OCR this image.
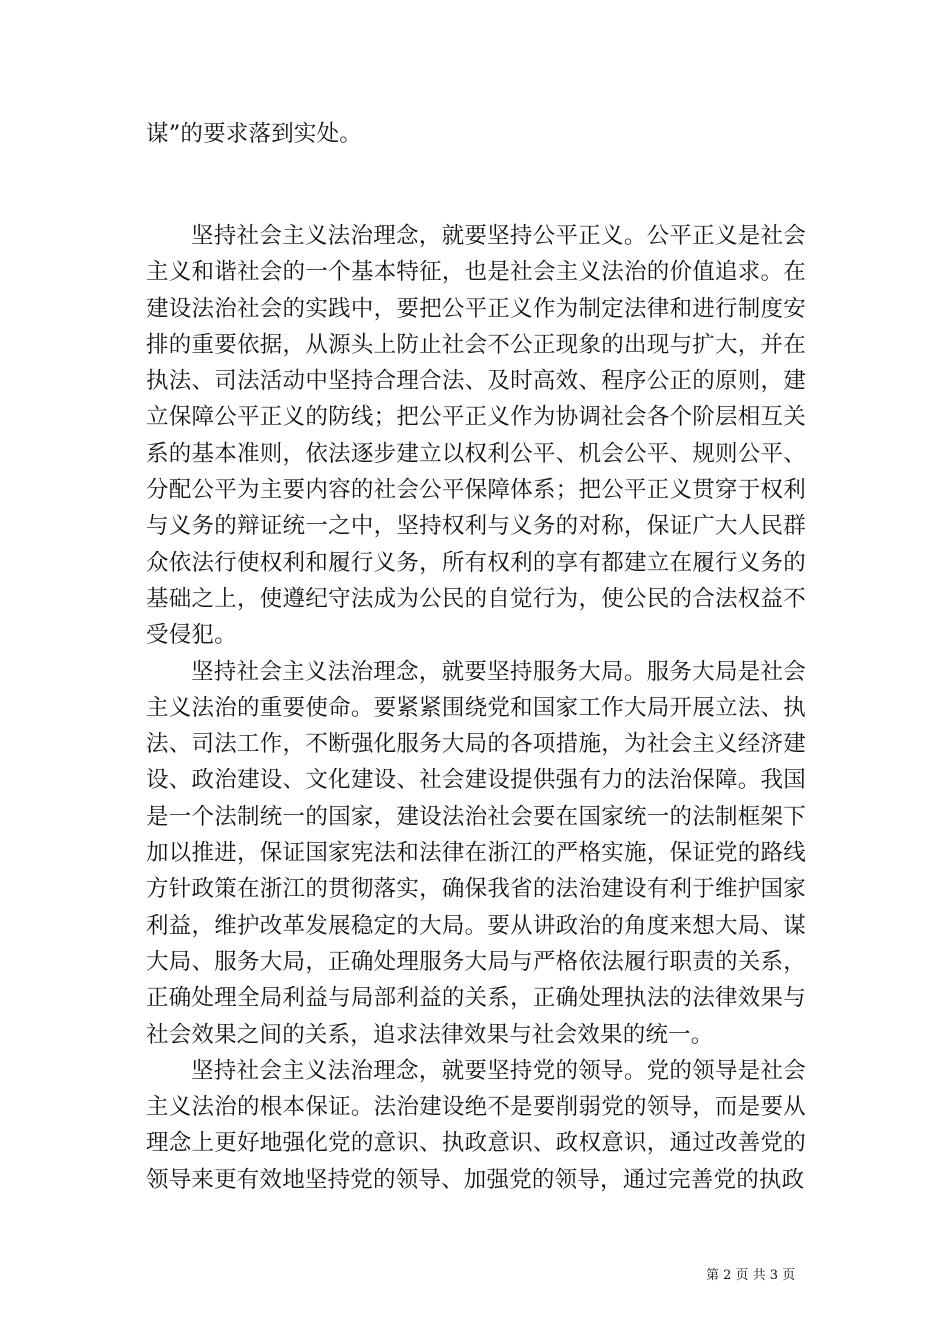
谋”的要求落到实处。

坚持社会主义法治理念，就要坚持公平正义。公平正义是社会主义和谐社会的一个基本特征，也是社会主义法治的价值追求。在建设法治社会的实践中，要把公平正义作为制定法律和进行制度安排的重要依据，从源头上防止社会不公正现象的出现与扩大，并在执法、司法活动中坚持合理合法、及时高效、程序公正的原则，建立保障公平正义的防线；把公平正义作为协调社会各个阶层相互关系的基本准则，依法逐步建立以权利公平、机会公平、规则公平、分配公平为主要内容的社会公平保障体系；把公平正义贯穿于权利与义务的辩证统一之中，坚持权利与义务的对称，保证广大人民群众依法行使权利和履行义务，所有权利的享有都建立在履行义务的基础之上，使遵纪守法成为公民的自觉行为，使公民的合法权益不受侵犯。

坚持社会主义法治理念，就要坚持服务大局。服务大局是社会主义法治的重要使命。要紧紧围绕党和国家工作大局开展立法、执法、司法工作，不断强化服务大局的各项措施，为社会主义经济建设、政治建设、文化建设、社会建设提供强有力的法治保障。我国是一个法制统一的国家，建设法治社会要在国家统一的法制框架下加以推进，保证国家宪法和法律在浙江的严格实施，保证党的路线方针政策在浙江的贯彻落实，确保我省的法治建设有利于维护国家利益，维护改革发展稳定的大局。要从讲政治的角度来想大局、谋大局、服务大局，正确处理服务大局与严格依法履行职责的关系，正确处理全局利益与局部利益的关系，正确处理执法的法律效果与社会效果之间的关系，追求法律效果与社会效果的统一。

坚持社会主义法治理念，就要坚持党的领导。党的领导是社会主义法治的根本保证。法治建设绝不是要削弱党的领导，而是要从理念上更好地强化党的意识、执政意识、政权意识，通过改善党的领导来更有效地坚持党的领导、加强党的领导，通过完善党的执政

第 2 页 共 3 页
